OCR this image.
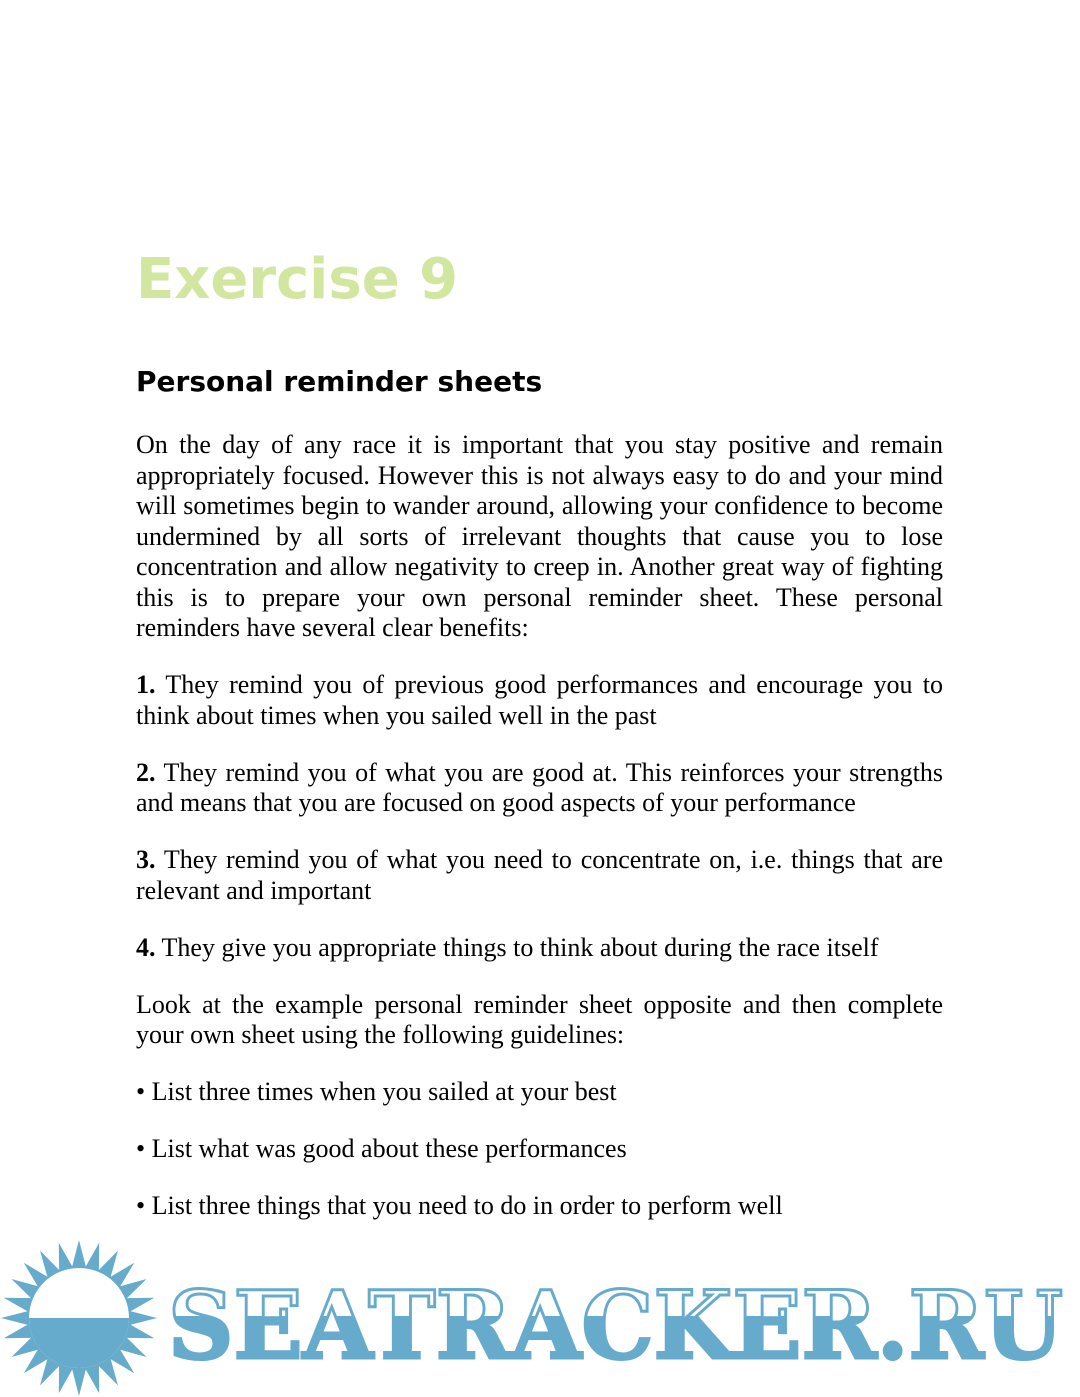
Exercise 9
Personal reminder sheets

On the day of any race it is important that you stay positive and remain appropriately focused. However this is not always easy to do and your mind will sometimes begin to wander around, allowing your confidence to become undermined by all sorts of irrelevant thoughts that cause you to lose concentration and allow negativity to creep in. Another great way of fighting this is to prepare your own personal reminder sheet. These personal reminders have several clear benefits:

1. They remind you of previous good performances and encourage you to think about times when you sailed well in the past

2. They remind you of what you are good at. This reinforces your strengths and means that you are focused on good aspects of your performance

3. They remind you of what you need to concentrate on, i.e. things that are relevant and important

4. They give you appropriate things to think about during the race itself

Look at the example personal reminder sheet opposite and then complete your own sheet using the following guidelines:

• List three times when you sailed at your best

• List what was good about these performances

• List three things that you need to do in order to perform well

SEATRACKER.RU
